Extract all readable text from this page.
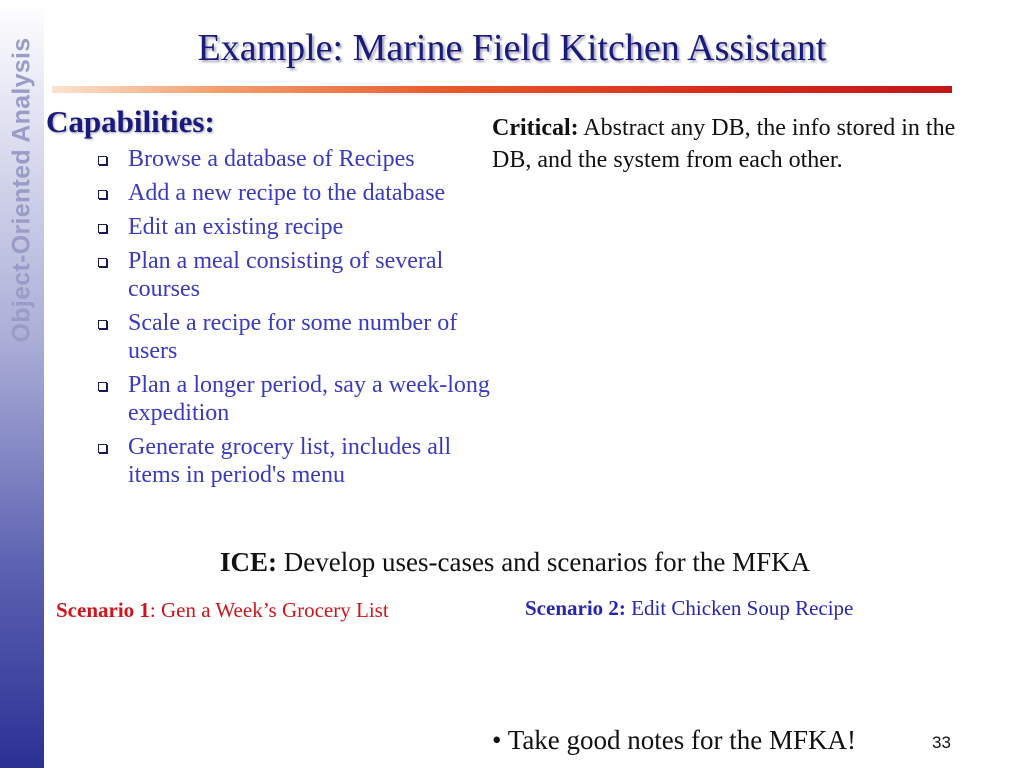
Object-Oriented Analysis	Example: Marine Field Kitchen Assistant
Capabilities:
Browse a database of Recipes
Add a new recipe to the database
Edit an existing recipe
Plan a meal consisting of several courses
Scale a recipe for some number of users
Plan a longer period, say a week-long expedition
Generate grocery list, includes all items in period's menu
Critical: Abstract any DB, the info stored in the DB, and the system from each other.
ICE: Develop uses-cases and scenarios for the MFKA
Scenario 1: Gen a Week’s Grocery List	Scenario 2: Edit Chicken Soup Recipe
• Take good notes for the MFKA!	33
